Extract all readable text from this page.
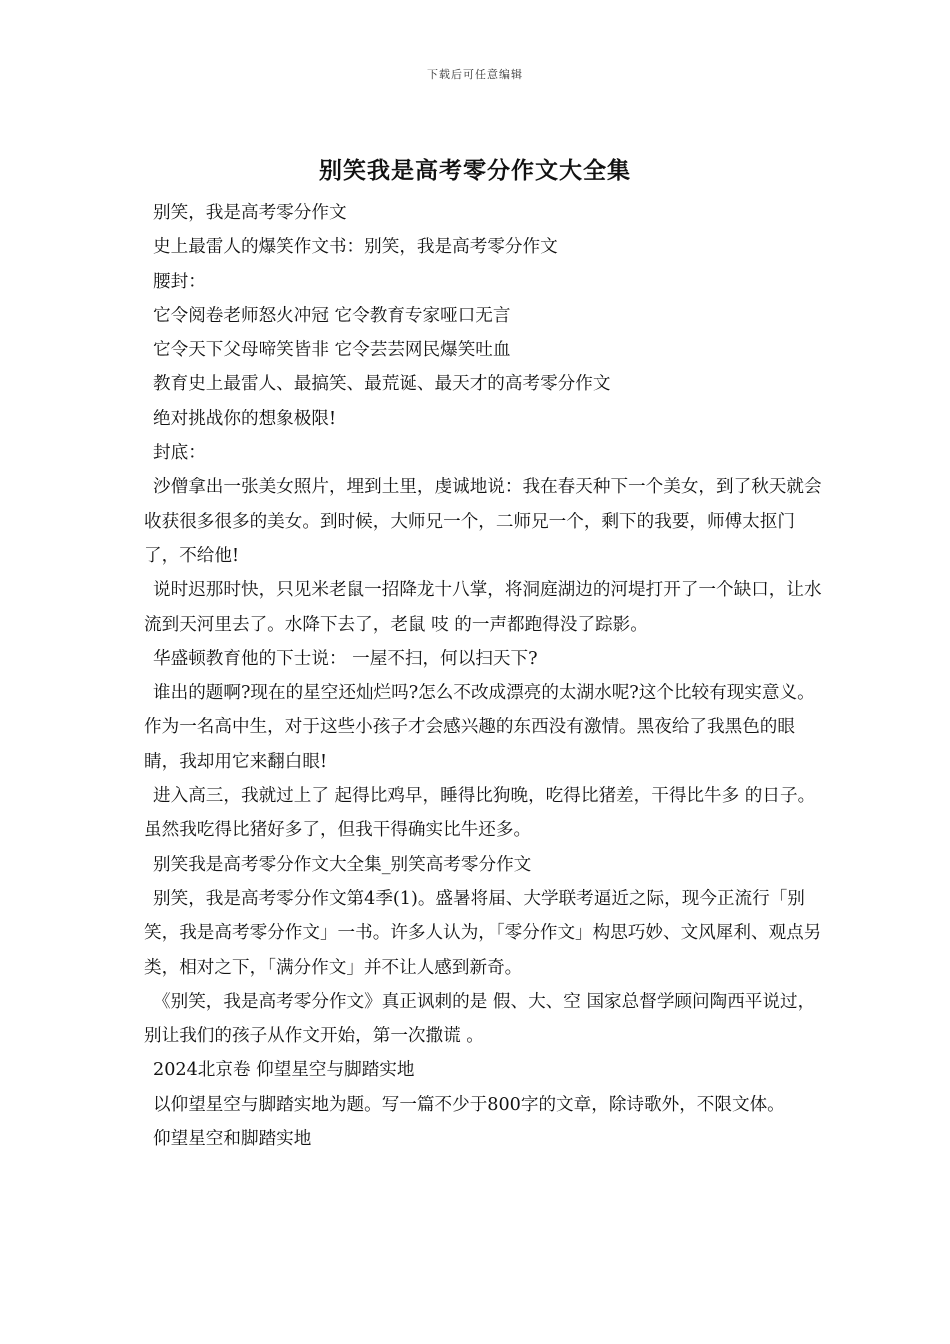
下载后可任意编辑
别笑我是高考零分作文大全集

别笑，我是高考零分作文

史上最雷人的爆笑作文书：别笑，我是高考零分作文

腰封：

它令阅卷老师怒火冲冠 它令教育专家哑口无言

它令天下父母啼笑皆非 它令芸芸网民爆笑吐血

教育史上最雷人、最搞笑、最荒诞、最天才的高考零分作文

绝对挑战你的想象极限!

封底：

沙僧拿出一张美女照片，埋到土里，虔诚地说：我在春天种下一个美女，到了秋天就会收获很多很多的美女。到时候，大师兄一个，二师兄一个，剩下的我要，师傅太抠门了，不给他!

说时迟那时快，只见米老鼠一招降龙十八掌，将洞庭湖边的河堤打开了一个缺口，让水流到天河里去了。水降下去了，老鼠 吱 的一声都跑得没了踪影。

华盛顿教育他的下士说： 一屋不扫，何以扫天下?

谁出的题啊?现在的星空还灿烂吗?怎么不改成漂亮的太湖水呢?这个比较有现实意义。作为一名高中生，对于这些小孩子才会感兴趣的东西没有激情。黑夜给了我黑色的眼睛，我却用它来翻白眼!

进入高三，我就过上了 起得比鸡早，睡得比狗晚，吃得比猪差，干得比牛多 的日子。虽然我吃得比猪好多了，但我干得确实比牛还多。

别笑我是高考零分作文大全集_别笑高考零分作文

别笑，我是高考零分作文第4季(1)。盛暑将届、大学联考逼近之际，现今正流行「别笑，我是高考零分作文」一书。许多人认为，「零分作文」构思巧妙、文风犀利、观点另类，相对之下，「满分作文」并不让人感到新奇。

《别笑，我是高考零分作文》真正讽刺的是 假、大、空 国家总督学顾问陶西平说过， 别让我们的孩子从作文开始，第一次撒谎 。

2024北京卷 仰望星空与脚踏实地

以仰望星空与脚踏实地为题。写一篇不少于800字的文章，除诗歌外，不限文体。

仰望星空和脚踏实地
